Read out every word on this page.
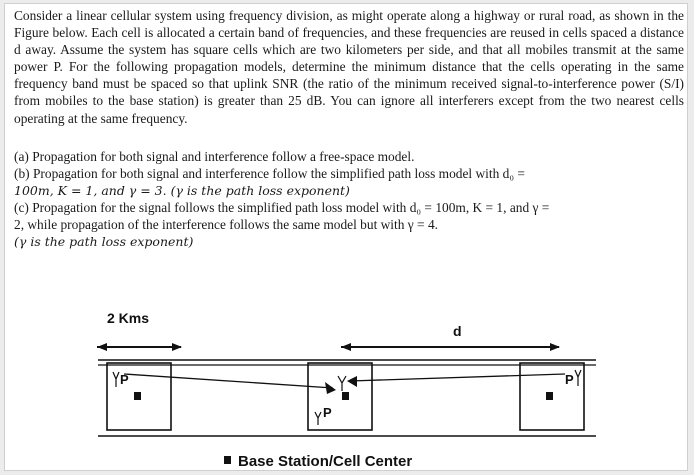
Consider a linear cellular system using frequency division, as might operate along a highway or rural road, as shown in the Figure below. Each cell is allocated a certain band of frequencies, and these frequencies are reused in cells spaced a distance d away. Assume the system has square cells which are two kilometers per side, and that all mobiles transmit at the same power P. For the following propagation models, determine the minimum distance that the cells operating in the same frequency band must be spaced so that uplink SNR (the ratio of the minimum received signal-to-interference power (S/I) from mobiles to the base station) is greater than 25 dB. You can ignore all interferers except from the two nearest cells operating at the same frequency.

(a) Propagation for both signal and interference follow a free-space model.

(b) Propagation for both signal and interference follow the simplified path loss model with d₀ =

100m, K = 1, and γ = 3. (γ is the path loss exponent)

(c) Propagation for the signal follows the simplified path loss model with d₀ = 100m, K = 1, and γ =

2, while propagation of the interference follows the same model but with γ = 4.

(γ is the path loss exponent)

2 Kms
d
P
P
P
Base Station/Cell Center
